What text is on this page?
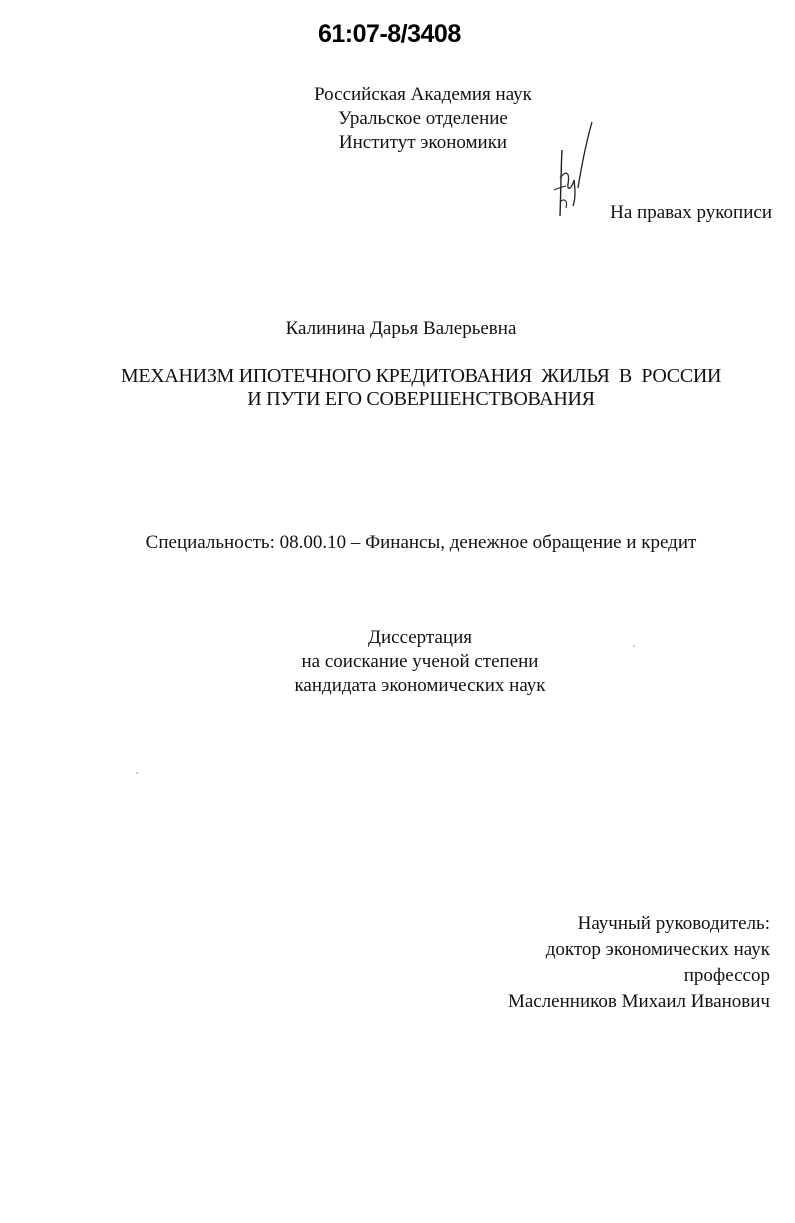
61:07-8/3408
Российская Академия наук
Уральское отделение
Институт экономики
На правах рукописи
Калинина Дарья Валерьевна
МЕХАНИЗМ ИПОТЕЧНОГО КРЕДИТОВАНИЯ  ЖИЛЬЯ  В  РОССИИ
И ПУТИ ЕГО СОВЕРШЕНСТВОВАНИЯ
Специальность: 08.00.10 – Финансы, денежное обращение и кредит
Диссертация
на соискание ученой степени
кандидата экономических наук
Научный руководитель:
доктор экономических наук
профессор
Масленников Михаил Иванович
